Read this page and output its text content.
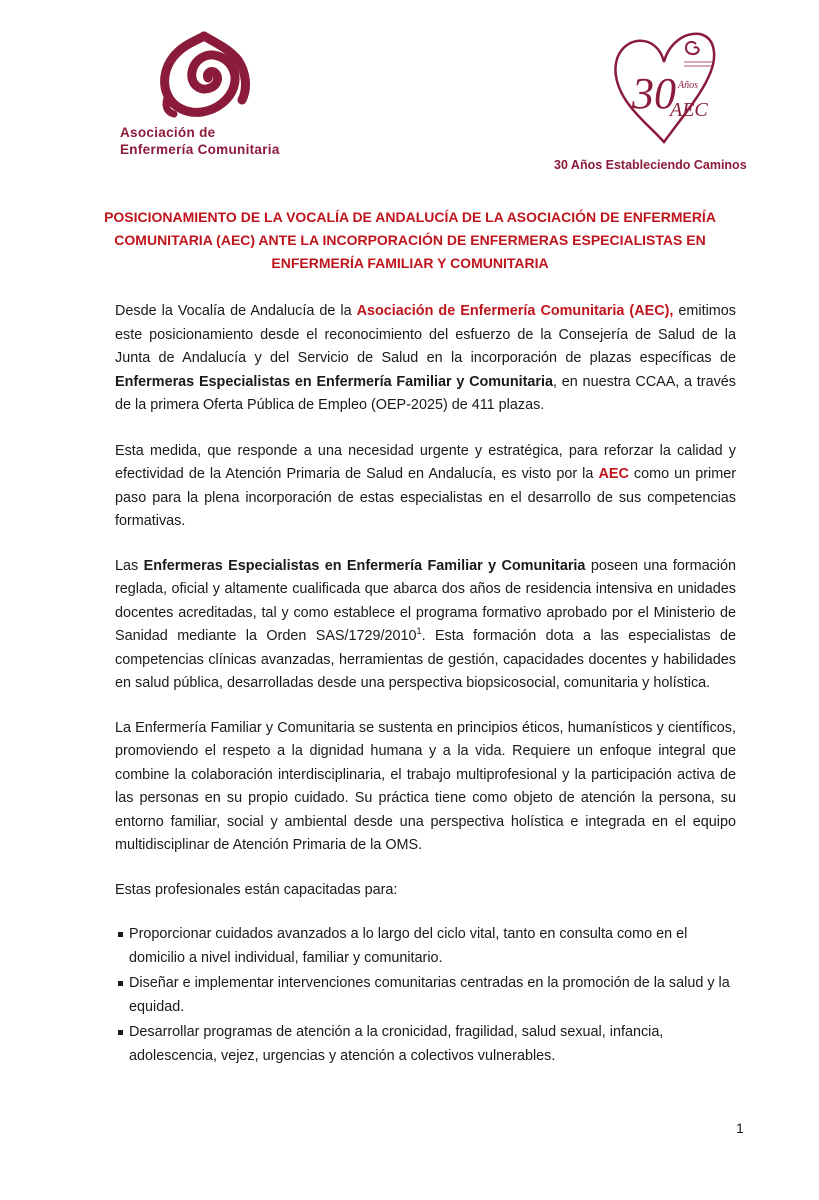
Asociación de
Enfermería Comunitaria
30 Años
AEC
30 Años Estableciendo Caminos
POSICIONAMIENTO DE LA VOCALÍA DE ANDALUCÍA DE LA ASOCIACIÓN DE ENFERMERÍA COMUNITARIA (AEC) ANTE LA INCORPORACIÓN DE ENFERMERAS ESPECIALISTAS EN ENFERMERÍA FAMILIAR Y COMUNITARIA

Desde la Vocalía de Andalucía de la Asociación de Enfermería Comunitaria (AEC), emitimos este posicionamiento desde el reconocimiento del esfuerzo de la Consejería de Salud de la Junta de Andalucía y del Servicio de Salud en la incorporación de plazas específicas de Enfermeras Especialistas en Enfermería Familiar y Comunitaria, en nuestra CCAA, a través de la primera Oferta Pública de Empleo (OEP-2025) de 411 plazas.

Esta medida, que responde a una necesidad urgente y estratégica, para reforzar la calidad y efectividad de la Atención Primaria de Salud en Andalucía, es visto por la AEC como un primer paso para la plena incorporación de estas especialistas en el desarrollo de sus competencias formativas.

Las Enfermeras Especialistas en Enfermería Familiar y Comunitaria poseen una formación reglada, oficial y altamente cualificada que abarca dos años de residencia intensiva en unidades docentes acreditadas, tal y como establece el programa formativo aprobado por el Ministerio de Sanidad mediante la Orden SAS/1729/2010$^1$. Esta formación dota a las especialistas de competencias clínicas avanzadas, herramientas de gestión, capacidades docentes y habilidades en salud pública, desarrolladas desde una perspectiva biopsicosocial, comunitaria y holística.

La Enfermería Familiar y Comunitaria se sustenta en principios éticos, humanísticos y científicos, promoviendo el respeto a la dignidad humana y a la vida. Requiere un enfoque integral que combine la colaboración interdisciplinaria, el trabajo multiprofesional y la participación activa de las personas en su propio cuidado. Su práctica tiene como objeto de atención la persona, su entorno familiar, social y ambiental desde una perspectiva holística e integrada en el equipo multidisciplinar de Atención Primaria de la OMS.

Estas profesionales están capacitadas para:

Proporcionar cuidados avanzados a lo largo del ciclo vital, tanto en consulta como en el domicilio a nivel individual, familiar y comunitario.
Diseñar e implementar intervenciones comunitarias centradas en la promoción de la salud y la equidad.
Desarrollar programas de atención a la cronicidad, fragilidad, salud sexual, infancia, adolescencia, vejez, urgencias y atención a colectivos vulnerables.
1
